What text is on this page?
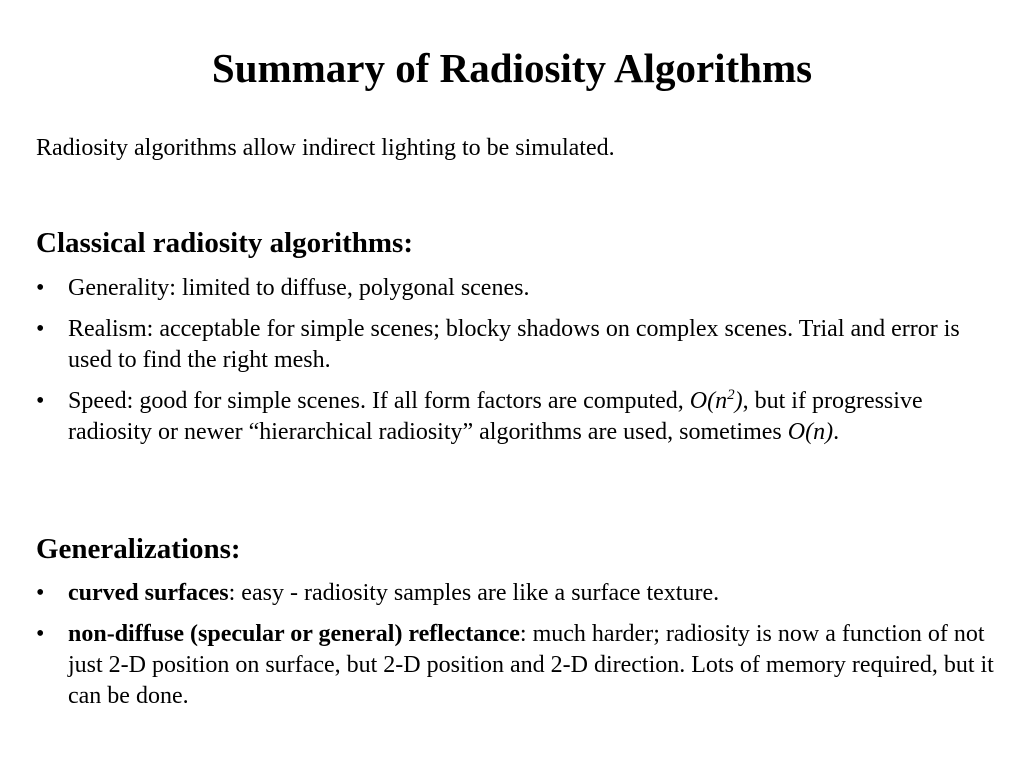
Summary of Radiosity Algorithms

Radiosity algorithms allow indirect lighting to be simulated.

Classical radiosity algorithms:
• Generality: limited to diffuse, polygonal scenes.
• Realism: acceptable for simple scenes; blocky shadows on complex scenes. Trial and error is used to find the right mesh.
• Speed: good for simple scenes. If all form factors are computed, $O(n^2)$, but if progressive radiosity or newer “hierarchical radiosity” algorithms are used, sometimes O(n).
Generalizations:
• curved surfaces: easy - radiosity samples are like a surface texture.
• non-diffuse (specular or general) reflectance: much harder; radiosity is now a function of not just 2-D position on surface, but 2-D position and 2-D direction. Lots of memory required, but it can be done.
